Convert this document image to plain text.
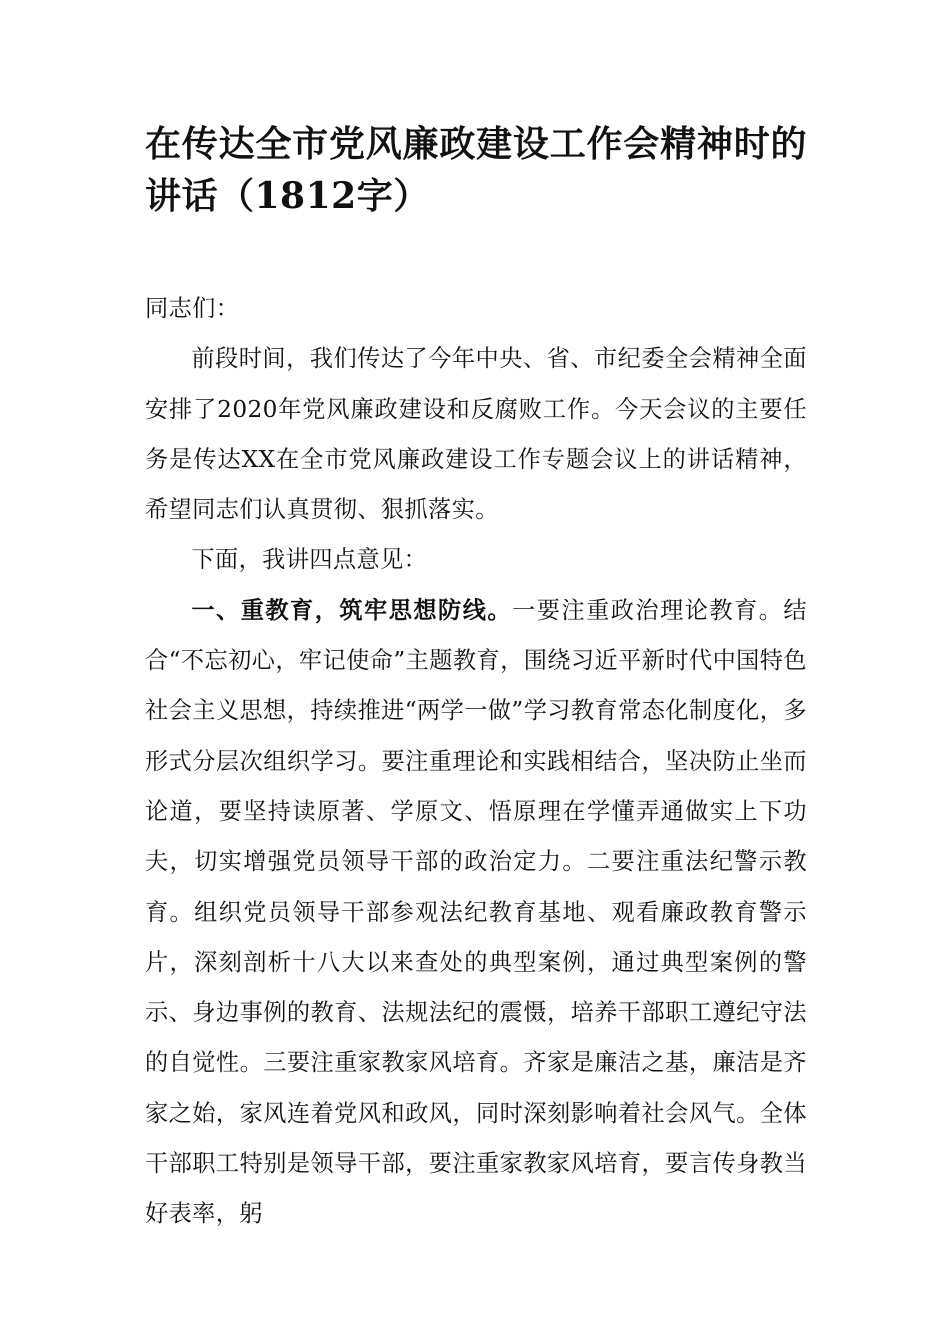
在传达全市党风廉政建设工作会精神时的讲话（1812字）

同志们：

前段时间，我们传达了今年中央、省、市纪委全会精神全面安排了2020年党风廉政建设和反腐败工作。今天会议的主要任务是传达XX在全市党风廉政建设工作专题会议上的讲话精神，希望同志们认真贯彻、狠抓落实。

下面，我讲四点意见：

一、重教育，筑牢思想防线。一要注重政治理论教育。结合“不忘初心，牢记使命”主题教育，围绕习近平新时代中国特色社会主义思想，持续推进“两学一做”学习教育常态化制度化，多形式分层次组织学习。要注重理论和实践相结合，坚决防止坐而论道，要坚持读原著、学原文、悟原理在学懂弄通做实上下功夫，切实增强党员领导干部的政治定力。二要注重法纪警示教育。组织党员领导干部参观法纪教育基地、观看廉政教育警示片，深刻剖析十八大以来查处的典型案例，通过典型案例的警示、身边事例的教育、法规法纪的震慑，培养干部职工遵纪守法的自觉性。三要注重家教家风培育。齐家是廉洁之基，廉洁是齐家之始，家风连着党风和政风，同时深刻影响着社会风气。全体干部职工特别是领导干部，要注重家教家风培育，要言传身教当好表率，躬
